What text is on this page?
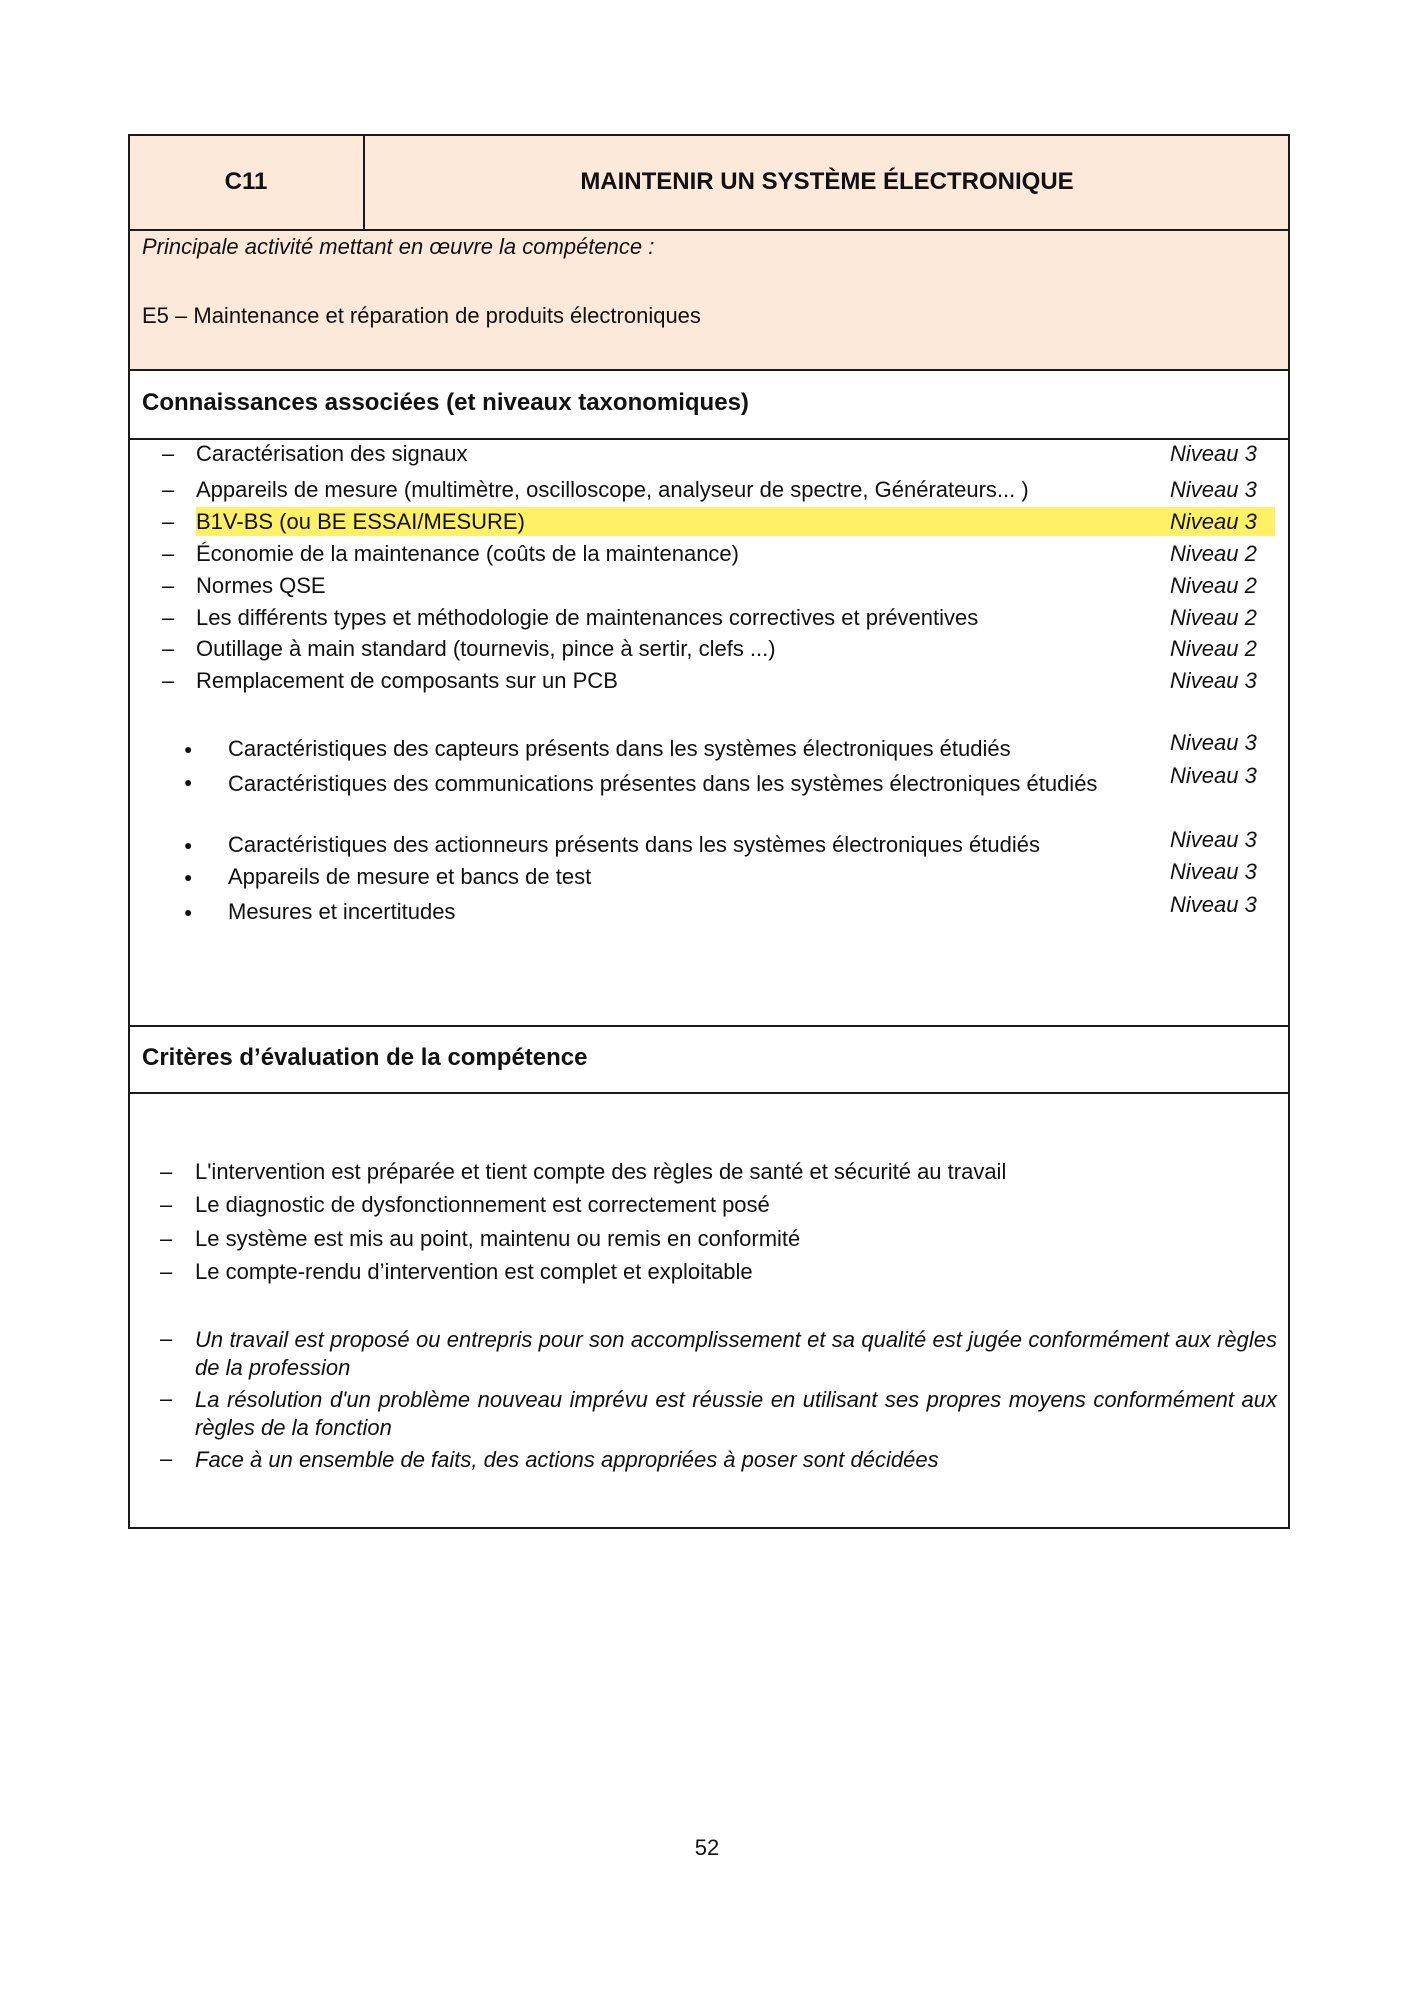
C11	MAINTENIR UN SYSTÈME ÉLECTRONIQUE
Principale activité mettant en œuvre la compétence :
E5 – Maintenance et réparation de produits électroniques
Connaissances associées (et niveaux taxonomiques)
– Caractérisation des signaux	Niveau 3
– Appareils de mesure (multimètre, oscilloscope, analyseur de spectre, Générateurs... )	Niveau 3
– B1V-BS (ou BE ESSAI/MESURE)	Niveau 3
– Économie de la maintenance (coûts de la maintenance)	Niveau 2
– Normes QSE	Niveau 2
– Les différents types et méthodologie de maintenances correctives et préventives	Niveau 2
– Outillage à main standard (tournevis, pince à sertir, clefs ...)	Niveau 2
– Remplacement de composants sur un PCB	Niveau 3
● Caractéristiques des capteurs présents dans les systèmes électroniques étudiés	Niveau 3
● Caractéristiques des communications présentes dans les systèmes électroniques étudiés	Niveau 3
● Caractéristiques des actionneurs présents dans les systèmes électroniques étudiés	Niveau 3
● Appareils de mesure et bancs de test	Niveau 3
● Mesures et incertitudes	Niveau 3
Critères d’évaluation de la compétence
– L'intervention est préparée et tient compte des règles de santé et sécurité au travail
– Le diagnostic de dysfonctionnement est correctement posé
– Le système est mis au point, maintenu ou remis en conformité
– Le compte-rendu d’intervention est complet et exploitable
– Un travail est proposé ou entrepris pour son accomplissement et sa qualité est jugée conformément aux règles de la profession
– La résolution d'un problème nouveau imprévu est réussie en utilisant ses propres moyens conformément aux règles de la fonction
– Face à un ensemble de faits, des actions appropriées à poser sont décidées
52
